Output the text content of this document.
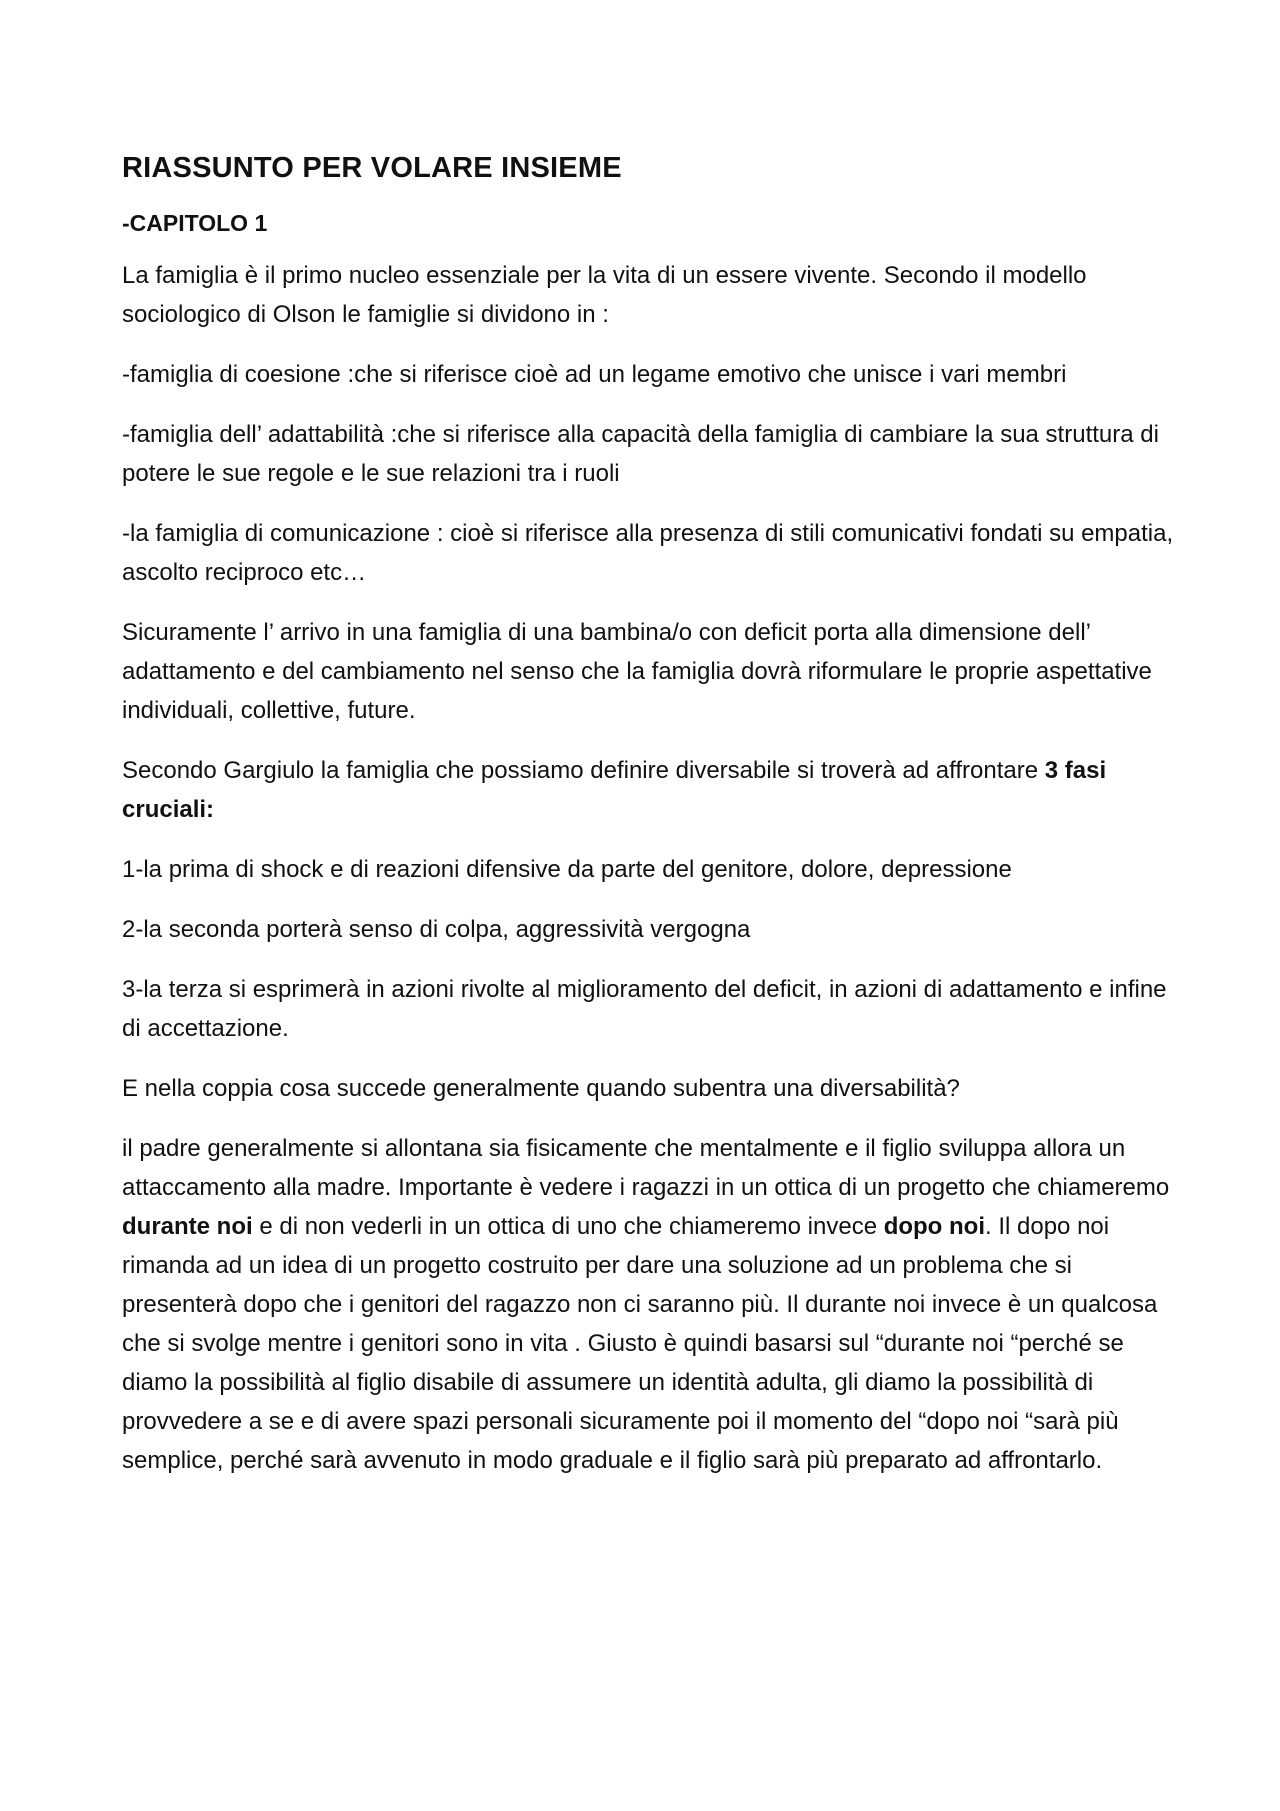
RIASSUNTO PER VOLARE INSIEME
-CAPITOLO 1

La famiglia è il primo nucleo essenziale per la vita di un essere vivente. Secondo il modello sociologico di Olson le famiglie si dividono in :

-famiglia di coesione :che si riferisce cioè ad un legame emotivo che unisce i vari membri

-famiglia dell’ adattabilità :che si riferisce alla capacità della famiglia di cambiare la sua struttura di potere le sue regole e le sue relazioni tra i ruoli

-la famiglia di comunicazione : cioè si riferisce alla presenza di stili comunicativi fondati su empatia, ascolto reciproco etc…

Sicuramente l’ arrivo in una famiglia di una bambina/o con deficit porta alla dimensione dell’ adattamento e del cambiamento nel senso che la famiglia dovrà riformulare le proprie aspettative individuali, collettive, future.

Secondo Gargiulo la famiglia che possiamo definire diversabile si troverà ad affrontare 3 fasi cruciali:

1-la prima di shock e di reazioni difensive da parte del genitore, dolore, depressione

2-la seconda porterà senso di colpa, aggressività vergogna

3-la terza si esprimerà in azioni rivolte al miglioramento del deficit, in azioni di adattamento e infine di accettazione.

E nella coppia cosa succede generalmente quando subentra una diversabilità?

il padre generalmente si allontana sia fisicamente che mentalmente e il figlio sviluppa allora un attaccamento alla madre. Importante è vedere i ragazzi in un ottica di un progetto che chiameremo durante noi e di non vederli in un ottica di uno che chiameremo invece dopo noi. Il dopo noi rimanda ad un idea di un progetto costruito per dare una soluzione ad un problema che si presenterà dopo che i genitori del ragazzo non ci saranno più. Il durante noi invece è un qualcosa che si svolge mentre i genitori sono in vita . Giusto è quindi basarsi sul “durante noi “perché se diamo la possibilità al figlio disabile di assumere un identità adulta, gli diamo la possibilità di provvedere a se e di avere spazi personali sicuramente poi il momento del “dopo noi “sarà più semplice, perché sarà avvenuto in modo graduale e il figlio sarà più preparato ad affrontarlo.
